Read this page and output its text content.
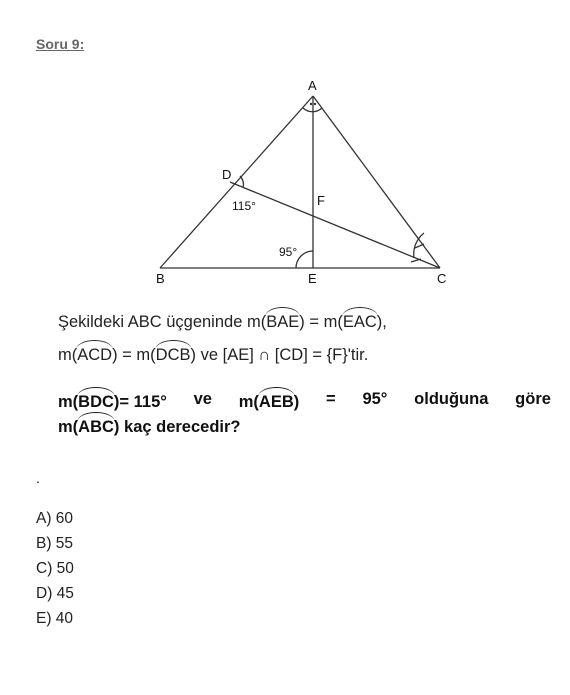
Soru 9:
A
B	C
D
E
F
115°
95°
Şekildeki ABC üçgeninde m(BAE) = m(EAC),
m(ACD) = m(DCB) ve [AE] ∩ [CD] = {F}'tir.
m(BDC)= 115° ve m(AEB) = 95° olduğuna göre
m(ABC) kaç derecedir?
.
A) 60
B) 55
C) 50
D) 45
E) 40
